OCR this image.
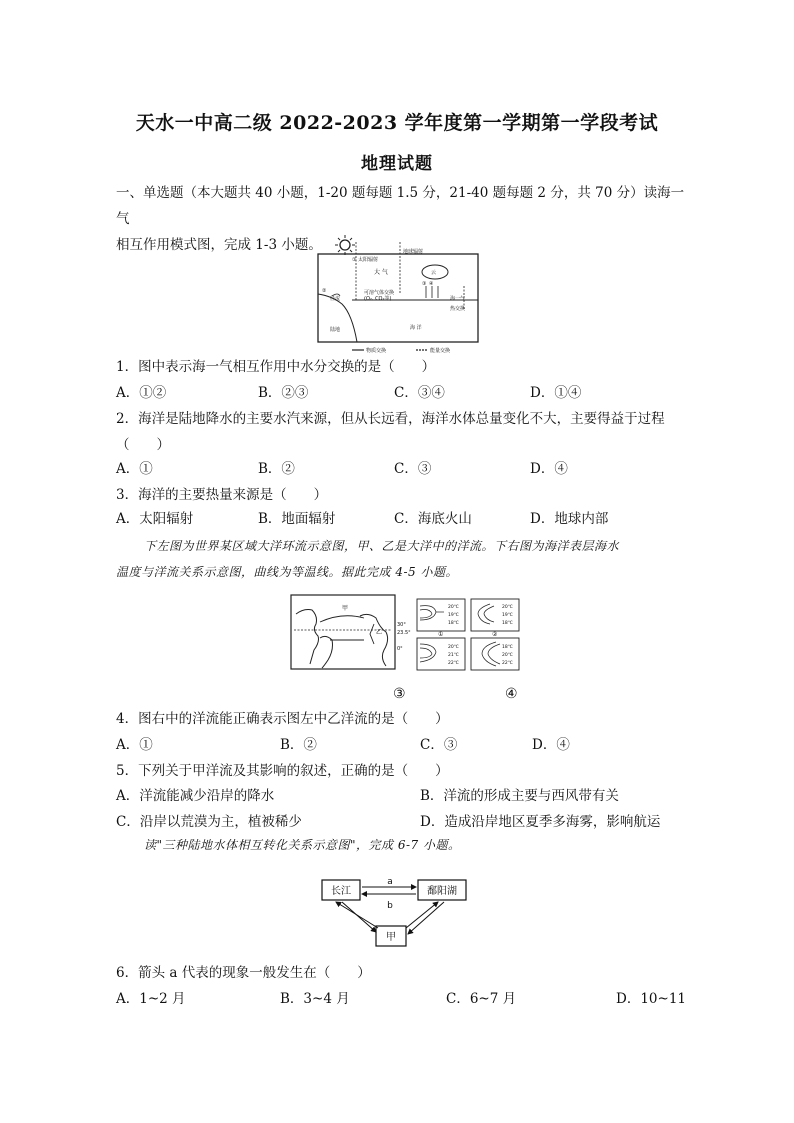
天水一中高二级 2022-2023 学年度第一学期第一学段考试
地理试题
一、单选题（本大题共 40 小题，1-20 题每题 1.5 分，21-40 题每题 2 分，共 70 分）读海一气
相互作用模式图，完成 1-3 小题。
① 太阳辐射
地球辐射
大 气	云
②
径流
③ ④
可溶气体交换
(O₂, CO₂等)
海 洋
陆地
海一气
热交换
物质交换	能量交换
1．图中表示海一气相互作用中水分交换的是（　　）
A．①②	B．②③	C．③④	D．①④
2．海洋是陆地降水的主要水汽来源，但从长远看，海洋水体总量变化不大，主要得益于过程
（　　）
A．①	B．②	C．③	D．④
3．海洋的主要热量来源是（　　）
A．太阳辐射	B．地面辐射	C．海底火山	D．地球内部
下左图为世界某区域大洋环流示意图，甲、乙是大洋中的洋流。下右图为海洋表层海水
温度与洋流关系示意图，曲线为等温线。据此完成 4-5 小题。
甲
乙
30°
23.5°
0°
20℃
19℃
18℃
①
20℃
19℃
18℃
②
20℃
21℃
22℃
18℃
20℃
22℃
③	④
4．图右中的洋流能正确表示图左中乙洋流的是（　　）
A．①	B．②	C．③	D．④
5．下列关于甲洋流及其影响的叙述，正确的是（　　）
A．洋流能减少沿岸的降水	B．洋流的形成主要与西风带有关
C．沿岸以荒漠为主，植被稀少	D．造成沿岸地区夏季多海雾，影响航运
读"三种陆地水体相互转化关系示意图"，完成 6-7 小题。
长江	鄱阳湖
甲
a
b
6．箭头 a 代表的现象一般发生在（　　）
A．1~2 月	B．3~4 月	C．6~7 月	D．10~11
